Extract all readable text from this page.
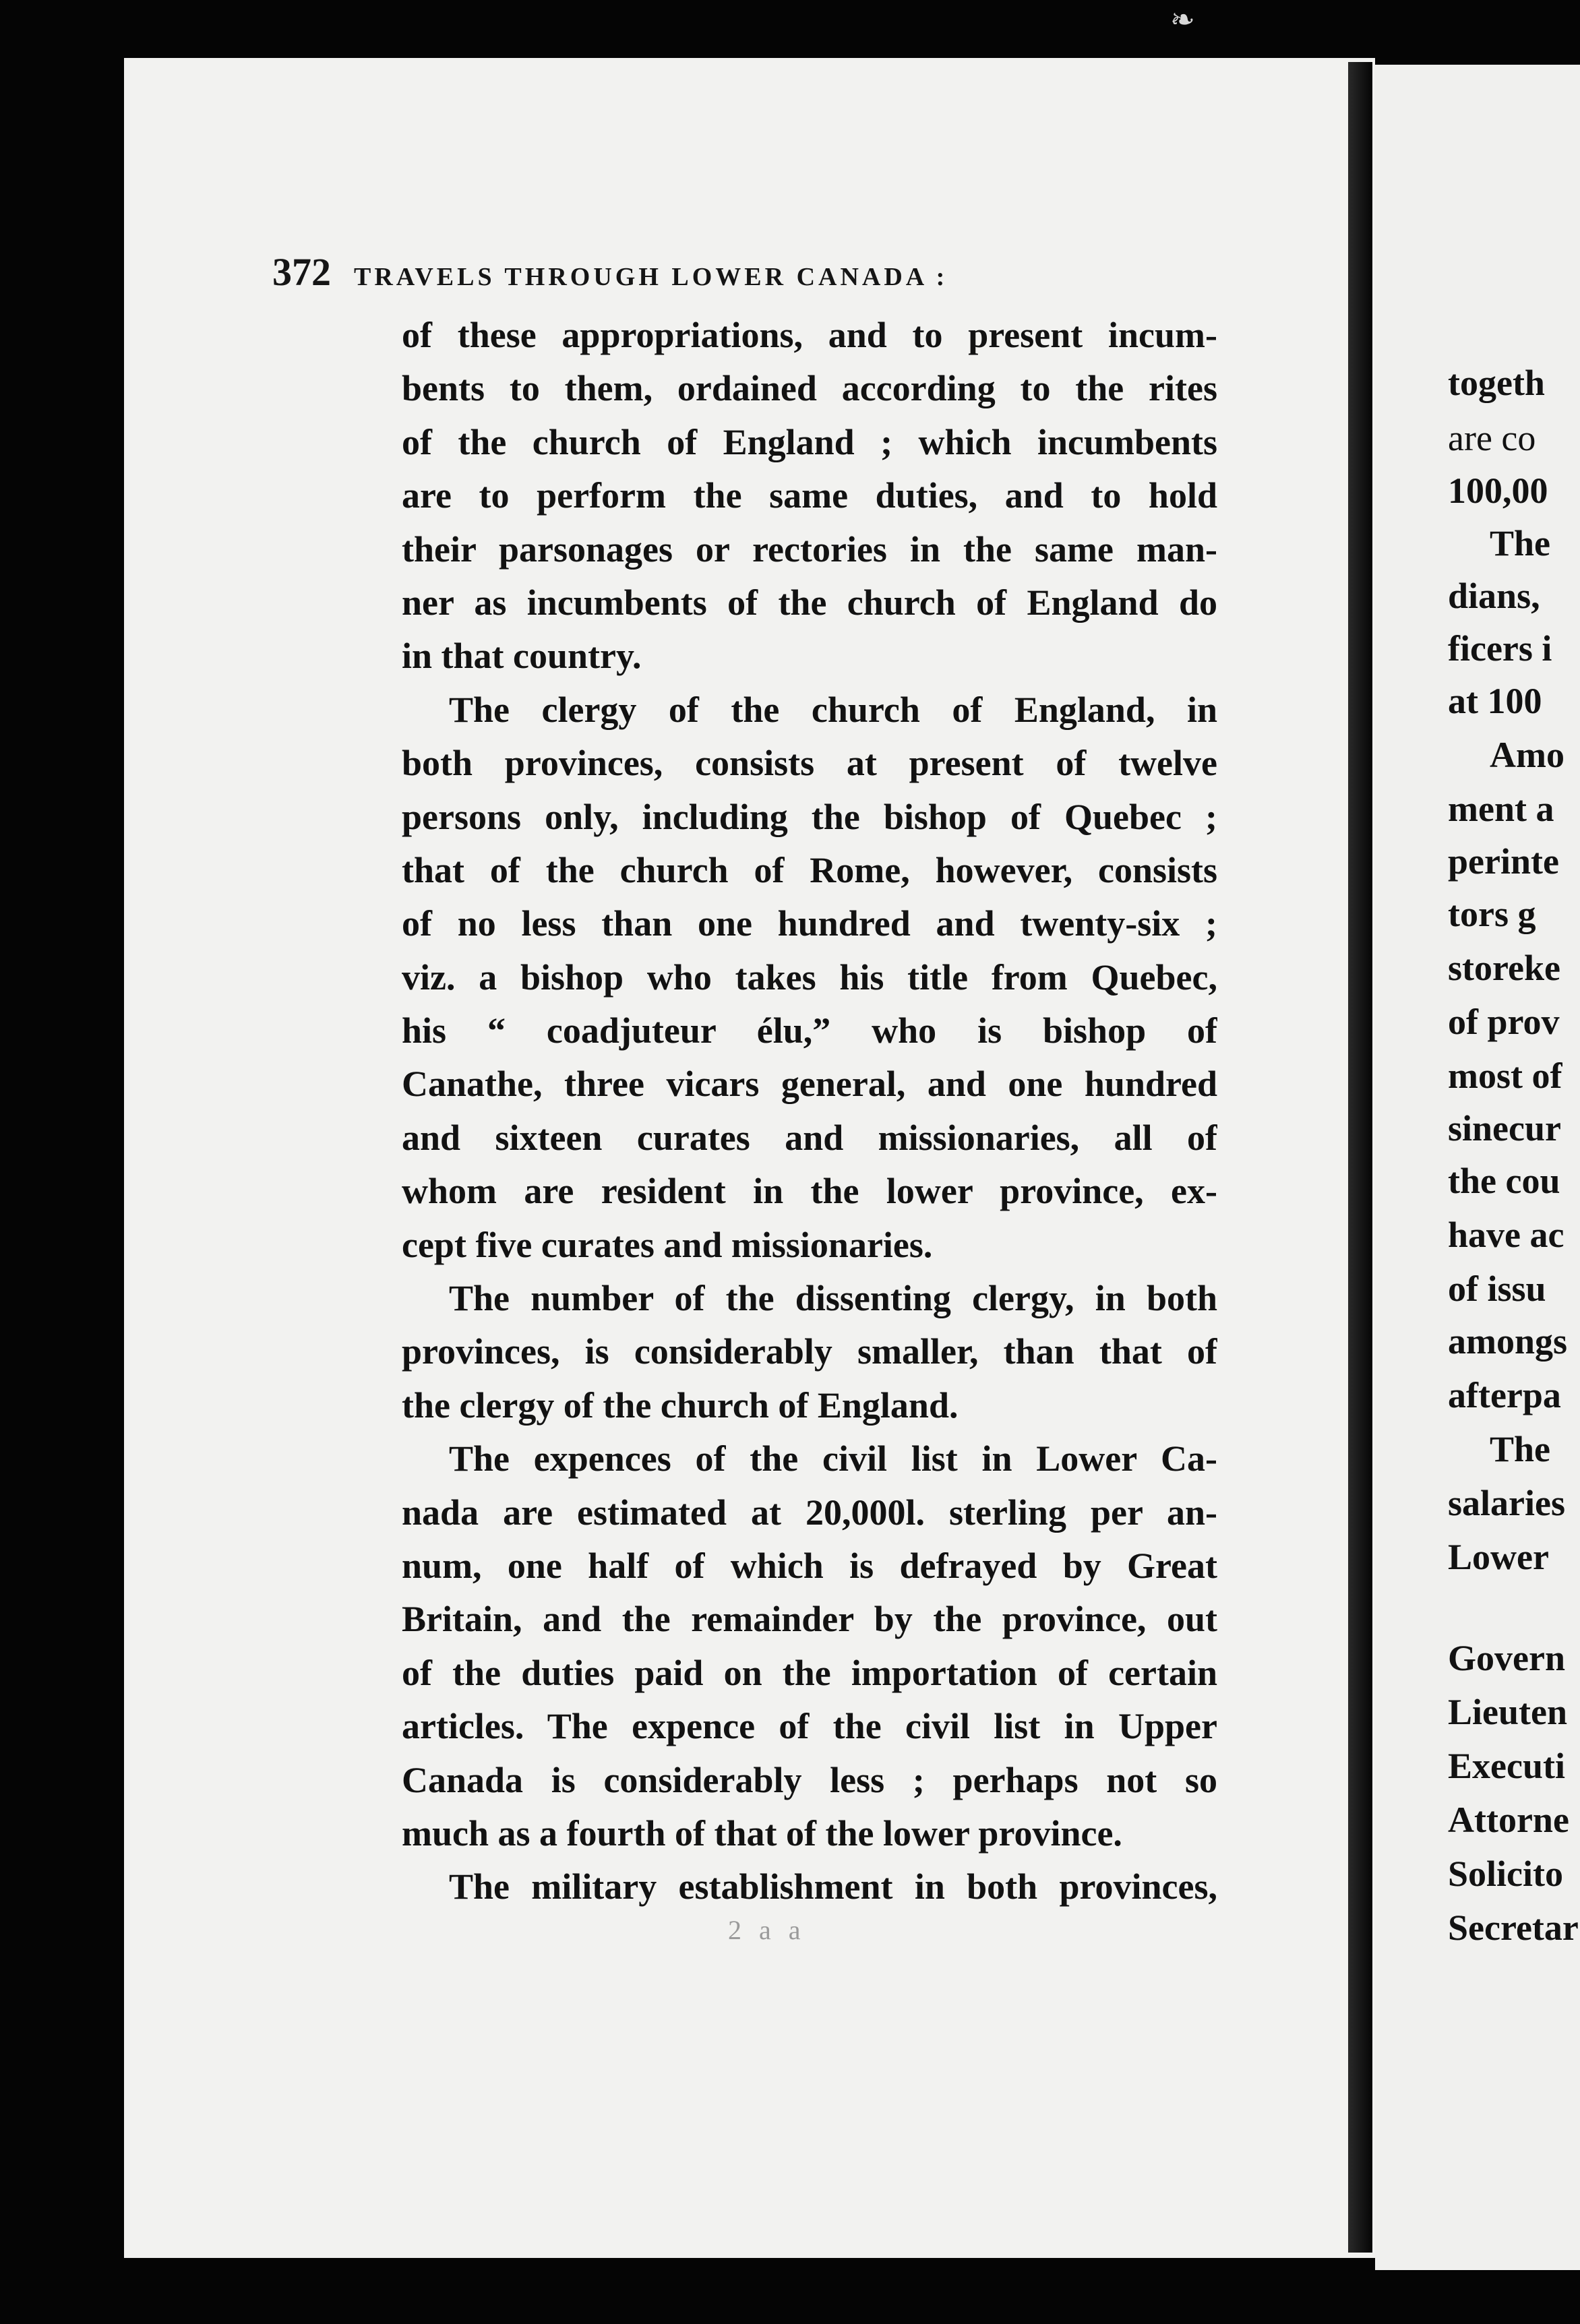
❧
372 TRAVELS THROUGH LOWER CANADA :
of these appropriations, and to present incum-
bents to them, ordained according to the rites
of the church of England ; which incumbents
are to perform the same duties, and to hold
their parsonages or rectories in the same man-
ner as incumbents of the church of England do
in that country.
The clergy of the church of England, in
both provinces, consists at present of twelve
persons only, including the bishop of Quebec ;
that of the church of Rome, however, consists
of no less than one hundred and twenty-six ;
viz. a bishop who takes his title from Quebec,
his “ coadjuteur élu,” who is bishop of
Canathe, three vicars general, and one hundred
and sixteen curates and missionaries, all of
whom are resident in the lower province, ex-
cept five curates and missionaries.
The number of the dissenting clergy, in both
provinces, is considerably smaller, than that of
the clergy of the church of England.
The expences of the civil list in Lower Ca-
nada are estimated at 20,000l. sterling per an-
num, one half of which is defrayed by Great
Britain, and the remainder by the province, out
of the duties paid on the importation of certain
articles. The expence of the civil list in Upper
Canada is considerably less ; perhaps not so
much as a fourth of that of the lower province.
The military establishment in both provinces,
2 a a
togeth
are co
100,00
The
dians,
ficers i
at 100
Amo
ment a
perinte
tors g
storeke
of prov
most of
sinecur
the cou
have ac
of issu
amongs
afterpa
The
salaries
Lower
Govern
Lieuten
Executi
Attorne
Solicito
Secretar
